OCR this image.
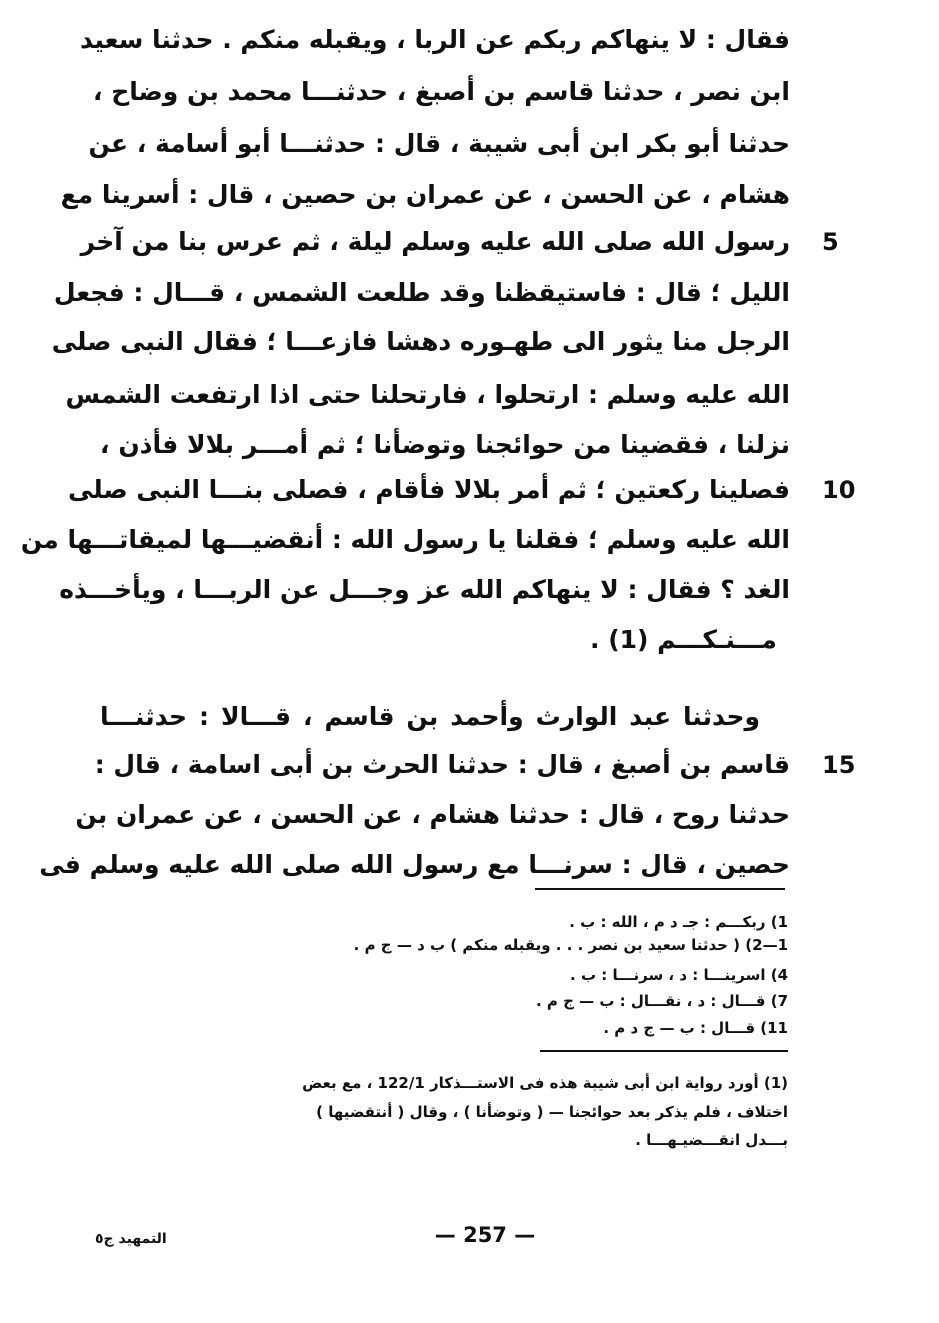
فقال : لا ينهاكم ربكم عن الربا ، ويقبله منكم . حدثنا سعيد

ابن نصر ، حدثنا قاسم بن أصبغ ، حدثنـــا محمد بن وضاح ،

حدثنا أبو بكر ابن أبى شيبة ، قال : حدثنـــا أبو أسامة ، عن

هشام ، عن الحسن ، عن عمران بن حصين ، قال : أسرينا مع

رسول الله صلى الله عليه وسلم ليلة ، ثم عرس بنا من آخر

الليل ؛ قال : فاستيقظنا وقد طلعت الشمس ، قـــال : فجعل

الرجل منا يثور الى طهـوره دهشا فازعـــا ؛ فقال النبى صلى

الله عليه وسلم : ارتحلوا ، فارتحلنا حتى اذا ارتفعت الشمس

نزلنا ، فقضينا من حوائجنا وتوضأنا ؛ ثم أمـــر بلالا فأذن ،

فصلينا ركعتين ؛ ثم أمر بلالا فأقام ، فصلى بنـــا النبى صلى

الله عليه وسلم ؛ فقلنا يا رسول الله : أنقضيـــها لميقاتـــها من

الغد ؟ فقال : لا ينهاكم الله عز وجـــل عن الربـــا ، ويأخـــذه

مـــنـكـــم (1) .

5
10
15

وحدثنا عبد الوارث وأحمد بن قاسم ، قـــالا : حدثنـــا

قاسم بن أصبغ ، قال : حدثنا الحرث بن أبى اسامة ، قال :

حدثنا روح ، قال : حدثنا هشام ، عن الحسن ، عن عمران بن

حصين ، قال : سرنـــا مع رسول الله صلى الله عليه وسلم فى

1) ربكـــم : جـ د م ، الله : ب .

1—2) ( حدثنا سعيد بن نصر . . . ويقبله منكم ) ب د — ج م .

4) اسرينـــا : د ، سرنـــا : ب .

7) قـــال : د ، نقـــال : ب — ج م .

11) قـــال : ب — ج د م .

(1) أورد رواية ابن أبى شيبة هذه فى الاستـــذكار 122/1 ، مع بعض

اختلاف ، فلم يذكر بعد حوائجنا — ( وتوضأنا ) ، وقال ( أنتقضيها )

بـــدل انقـــضيـهـــا .

— 257 —
التمهيد ج٥
